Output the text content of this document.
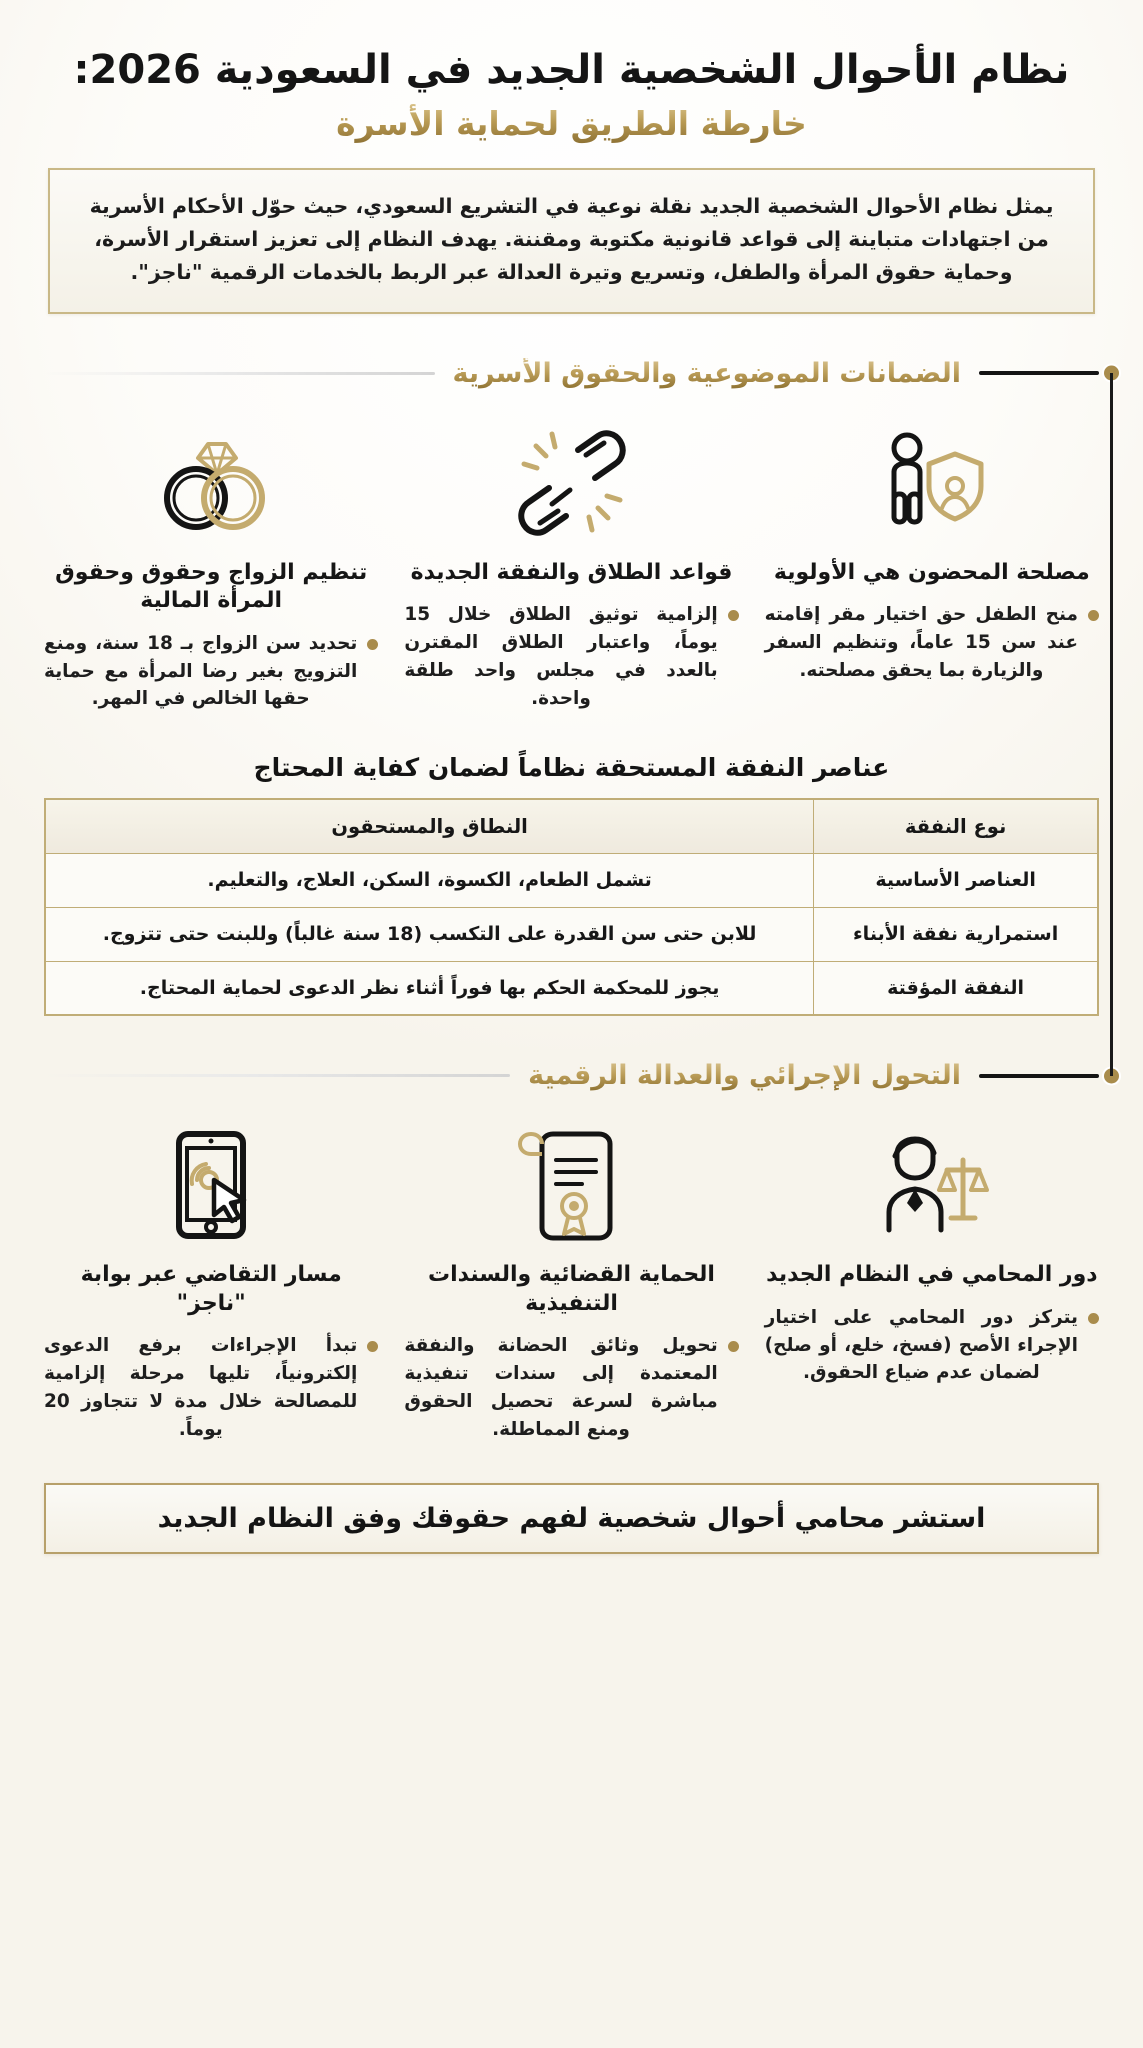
نظام الأحوال الشخصية الجديد في السعودية 2026:
خارطة الطريق لحماية الأسرة
يمثل نظام الأحوال الشخصية الجديد نقلة نوعية في التشريع السعودي، حيث حوّل الأحكام الأسرية من اجتهادات متباينة إلى قواعد قانونية مكتوبة ومقننة. يهدف النظام إلى تعزيز استقرار الأسرة، وحماية حقوق المرأة والطفل، وتسريع وتيرة العدالة عبر الربط بالخدمات الرقمية "ناجز".
الضمانات الموضوعية والحقوق الأسرية
مصلحة المحضون هي الأولوية
منح الطفل حق اختيار مقر إقامته عند سن 15 عاماً، وتنظيم السفر والزيارة بما يحقق مصلحته.
قواعد الطلاق والنفقة الجديدة
إلزامية توثيق الطلاق خلال 15 يوماً، واعتبار الطلاق المقترن بالعدد في مجلس واحد طلقة واحدة.
تنظيم الزواج وحقوق وحقوق المرأة المالية
تحديد سن الزواج بـ 18 سنة، ومنع التزويج بغير رضا المرأة مع حماية حقها الخالص في المهر.
عناصر النفقة المستحقة نظاماً لضمان كفاية المحتاج
نوع النفقة	النطاق والمستحقون
العناصر الأساسية	تشمل الطعام، الكسوة، السكن، العلاج، والتعليم.
استمرارية نفقة الأبناء	للابن حتى سن القدرة على التكسب (18 سنة غالباً) وللبنت حتى تتزوج.
النفقة المؤقتة	يجوز للمحكمة الحكم بها فوراً أثناء نظر الدعوى لحماية المحتاج.
التحول الإجرائي والعدالة الرقمية
دور المحامي في النظام الجديد
يتركز دور المحامي على اختيار الإجراء الأصح (فسخ، خلع، أو صلح) لضمان عدم ضياع الحقوق.
الحماية القضائية والسندات التنفيذية
تحويل وثائق الحضانة والنفقة المعتمدة إلى سندات تنفيذية مباشرة لسرعة تحصيل الحقوق ومنع المماطلة.
مسار التقاضي عبر بوابة "ناجز"
تبدأ الإجراءات برفع الدعوى إلكترونياً، تليها مرحلة إلزامية للمصالحة خلال مدة لا تتجاوز 20 يوماً.
استشر محامي أحوال شخصية لفهم حقوقك وفق النظام الجديد
